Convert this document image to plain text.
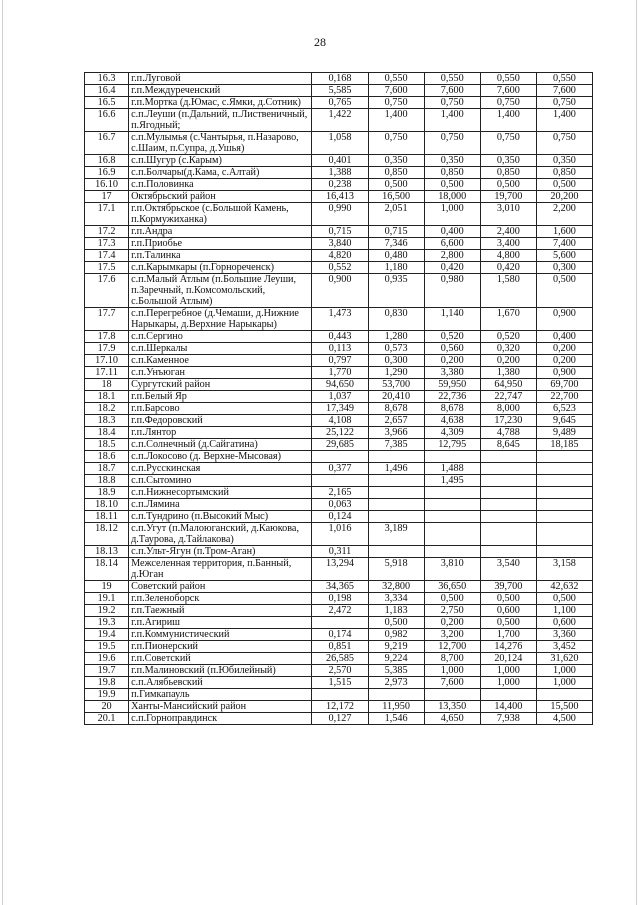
28
16.3	г.п.Луговой	0,168	0,550	0,550	0,550	0,550
16.4	г.п.Междуреченский	5,585	7,600	7,600	7,600	7,600
16.5	г.п.Мортка (д.Юмас, с.Ямки, д.Сотник)	0,765	0,750	0,750	0,750	0,750
16.6	с.п.Леуши (п.Дальний, п.Лиственичный, п.Ягодный;	1,422	1,400	1,400	1,400	1,400
16.7	с.п.Мулымья (с.Чантырья, п.Назарово, с.Шаим, п.Супра, д.Ушья)	1,058	0,750	0,750	0,750	0,750
16.8	с.п.Шугур (с.Карым)	0,401	0,350	0,350	0,350	0,350
16.9	с.п.Болчары(д.Кама, с.Алтай)	1,388	0,850	0,850	0,850	0,850
16.10	с.п.Половинка	0,238	0,500	0,500	0,500	0,500
17	Октябрьский район	16,413	16,500	18,000	19,700	20,200
17.1	г.п.Октябрьское (с.Большой Камень, п.Кормужиханка)	0,990	2,051	1,000	3,010	2,200
17.2	г.п.Андра	0,715	0,715	0,400	2,400	1,600
17.3	г.п.Приобье	3,840	7,346	6,600	3,400	7,400
17.4	г.п.Талинка	4,820	0,480	2,800	4,800	5,600
17.5	с.п.Карымкары (п.Горнореченск)	0,552	1,180	0,420	0,420	0,300
17.6	с.п.Малый Атлым (п.Большие Леуши, п.Заречный, п.Комсомольский, с.Большой Атлым)	0,900	0,935	0,980	1,580	0,500
17.7	с.п.Перегребное (д.Чемаши, д.Нижние Нарыкары, д.Верхние Нарыкары)	1,473	0,830	1,140	1,670	0,900
17.8	с.п.Сергино	0,443	1,280	0,520	0,520	0,400
17.9	с.п.Шеркалы	0,113	0,573	0,560	0,320	0,200
17.10	с.п.Каменное	0,797	0,300	0,200	0,200	0,200
17.11	с.п.Унъюган	1,770	1,290	3,380	1,380	0,900
18	Сургутский район	94,650	53,700	59,950	64,950	69,700
18.1	г.п.Белый Яр	1,037	20,410	22,736	22,747	22,700
18.2	г.п.Барсово	17,349	8,678	8,678	8,000	6,523
18.3	г.п.Федоровский	4,108	2,657	4,638	17,230	9,645
18.4	г.п.Лянтор	25,122	3,966	4,309	4,788	9,489
18.5	с.п.Солнечный (д.Сайгатина)	29,685	7,385	12,795	8,645	18,185
18.6	с.п.Локосово (д. Верхне-Мысовая)					
18.7	с.п.Русскинская	0,377	1,496	1,488		
18.8	с.п.Сытомино			1,495		
18.9	с.п.Нижнесортымский	2,165				
18.10	с.п.Лямина	0,063				
18.11	с.п.Тундрино (п.Высокий Мыс)	0,124				
18.12	с.п.Угут (п.Малоюганский, д.Каюкова, д.Таурова, д.Тайлакова)	1,016	3,189			
18.13	с.п.Ульт-Ягун (п.Тром-Аган)	0,311				
18.14	Межселенная территория, п.Банный, д.Юган	13,294	5,918	3,810	3,540	3,158
19	Советский район	34,365	32,800	36,650	39,700	42,632
19.1	г.п.Зеленоборск	0,198	3,334	0,500	0,500	0,500
19.2	г.п.Таежный	2,472	1,183	2,750	0,600	1,100
19.3	г.п.Агириш		0,500	0,200	0,500	0,600
19.4	г.п.Коммунистический	0,174	0,982	3,200	1,700	3,360
19.5	г.п.Пионерский	0,851	9,219	12,700	14,276	3,452
19.6	г.п.Советский	26,585	9,224	8,700	20,124	31,620
19.7	г.п.Малиновский (п.Юбилейный)	2,570	5,385	1,000	1,000	1,000
19.8	с.п.Алябьевский	1,515	2,973	7,600	1,000	1,000
19.9	п.Гимкапауль					
20	Ханты-Мансийский район	12,172	11,950	13,350	14,400	15,500
20.1	с.п.Горноправдинск	0,127	1,546	4,650	7,938	4,500
